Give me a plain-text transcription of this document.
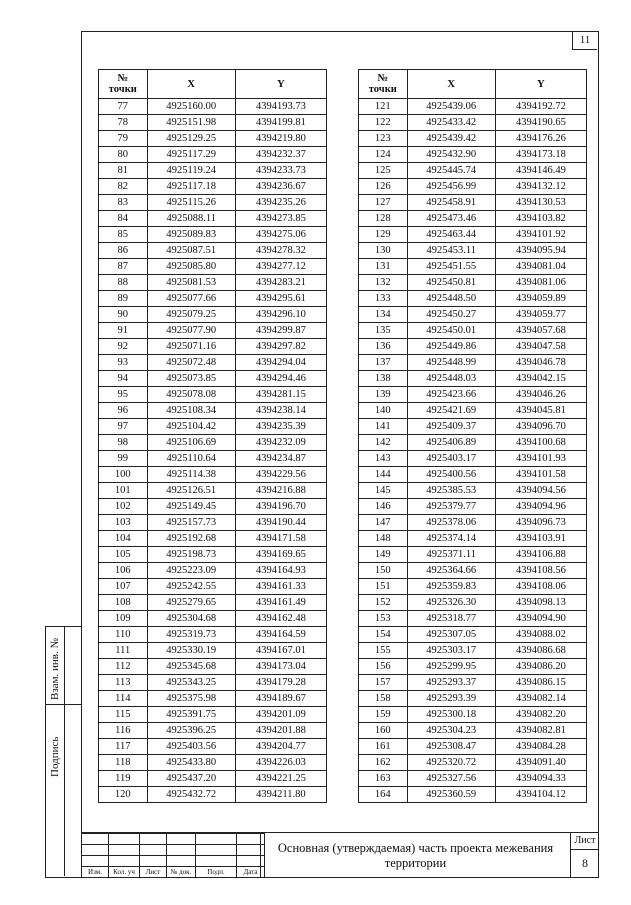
11
Взам. инв. №
Подпись
№
точки	X	Y
77	4925160.00	4394193.73
78	4925151.98	4394199.81
79	4925129.25	4394219.80
80	4925117.29	4394232.37
81	4925119.24	4394233.73
82	4925117.18	4394236.67
83	4925115.26	4394235.26
84	4925088.11	4394273.85
85	4925089.83	4394275.06
86	4925087.51	4394278.32
87	4925085.80	4394277.12
88	4925081.53	4394283.21
89	4925077.66	4394295.61
90	4925079.25	4394296.10
91	4925077.90	4394299.87
92	4925071.16	4394297.82
93	4925072.48	4394294.04
94	4925073.85	4394294.46
95	4925078.08	4394281.15
96	4925108.34	4394238.14
97	4925104.42	4394235.39
98	4925106.69	4394232.09
99	4925110.64	4394234.87
100	4925114.38	4394229.56
101	4925126.51	4394216.88
102	4925149.45	4394196.70
103	4925157.73	4394190.44
104	4925192.68	4394171.58
105	4925198.73	4394169.65
106	4925223.09	4394164.93
107	4925242.55	4394161.33
108	4925279.65	4394161.49
109	4925304.68	4394162.48
110	4925319.73	4394164.59
111	4925330.19	4394167.01
112	4925345.68	4394173.04
113	4925343.25	4394179.28
114	4925375.98	4394189.67
115	4925391.75	4394201.09
116	4925396.25	4394201.88
117	4925403.56	4394204.77
118	4925433.80	4394226.03
119	4925437.20	4394221.25
120	4925432.72	4394211.80
№
точки	X	Y
121	4925439.06	4394192.72
122	4925433.42	4394190.65
123	4925439.42	4394176.26
124	4925432.90	4394173.18
125	4925445.74	4394146.49
126	4925456.99	4394132.12
127	4925458.91	4394130.53
128	4925473.46	4394103.82
129	4925463.44	4394101.92
130	4925453.11	4394095.94
131	4925451.55	4394081.04
132	4925450.81	4394081.06
133	4925448.50	4394059.89
134	4925450.27	4394059.77
135	4925450.01	4394057.68
136	4925449.86	4394047.58
137	4925448.99	4394046.78
138	4925448.03	4394042.15
139	4925423.66	4394046.26
140	4925421.69	4394045.81
141	4925409.37	4394096.70
142	4925406.89	4394100.68
143	4925403.17	4394101.93
144	4925400.56	4394101.58
145	4925385.53	4394094.56
146	4925379.77	4394094.96
147	4925378.06	4394096.73
148	4925374.14	4394103.91
149	4925371.11	4394106.88
150	4925364.66	4394108.56
151	4925359.83	4394108.06
152	4925326.30	4394098.13
153	4925318.77	4394094.90
154	4925307.05	4394088.02
155	4925303.17	4394086.68
156	4925299.95	4394086.20
157	4925293.37	4394086.15
158	4925293.39	4394082.14
159	4925300.18	4394082.20
160	4925304.23	4394082.81
161	4925308.47	4394084.28
162	4925320.72	4394091.40
163	4925327.56	4394094.33
164	4925360.59	4394104.12

Изм.	Кол. уч	Лист	№ док.	Подп.	Дата
Основная (утверждаемая) часть проекта межевания территории
Лист
8
